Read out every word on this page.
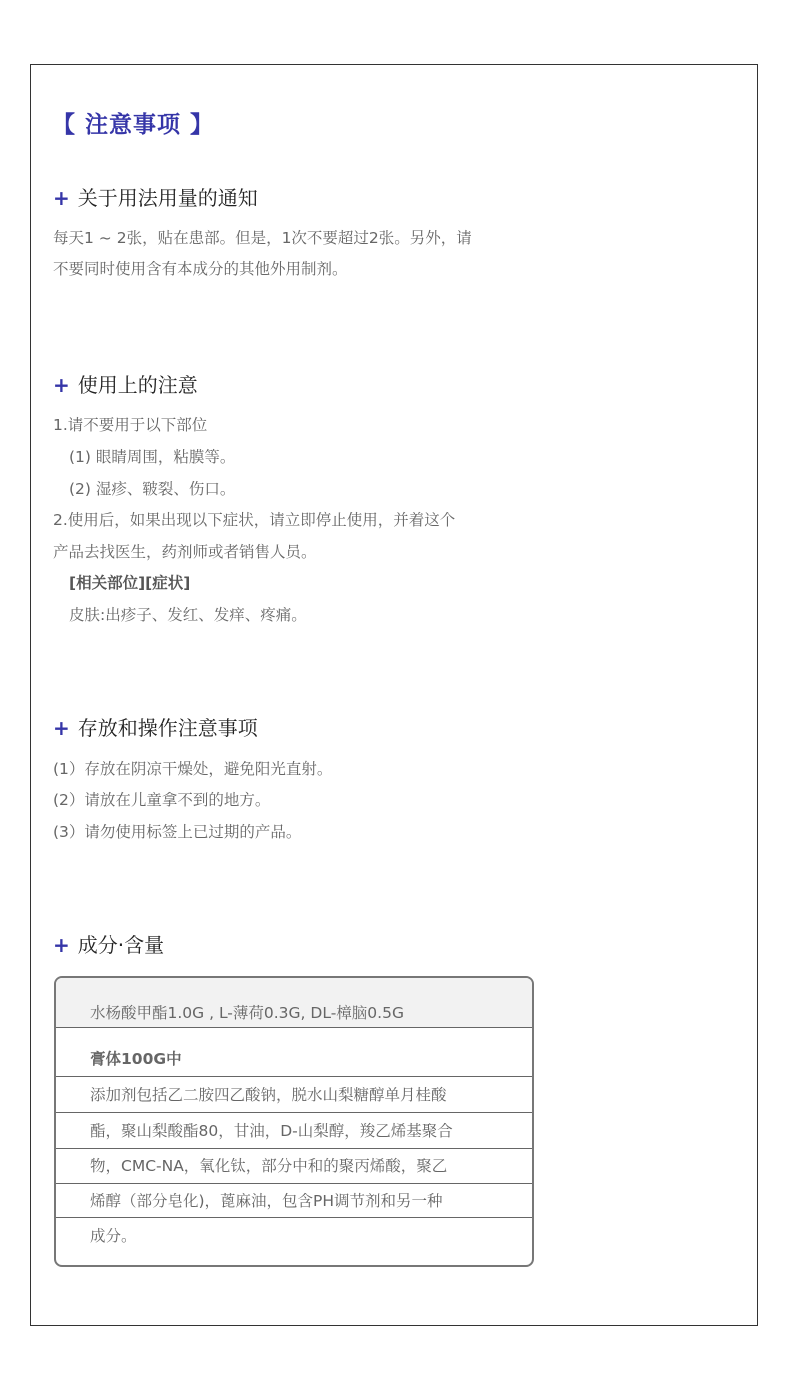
【 注意事项 】
+ 关于用法用量的通知
每天1 ~ 2张，贴在患部。但是，1次不要超过2张。另外，请
不要同时使用含有本成分的其他外用制剂。
+ 使用上的注意
1.请不要用于以下部位
(1) 眼睛周围，粘膜等。
(2) 湿疹、皲裂、伤口。
2.使用后，如果出现以下症状，请立即停止使用，并着这个
产品去找医生，药剂师或者销售人员。
[相关部位][症状]
皮肤:出疹子、发红、发痒、疼痛。
+ 存放和操作注意事项
(1）存放在阴凉干燥处，避免阳光直射。
(2）请放在儿童拿不到的地方。
(3）请勿使用标签上已过期的产品。
+ 成分·含量
水杨酸甲酯1.0G , L-薄荷0.3G, DL-樟脑0.5G
膏体100G中
添加剂包括乙二胺四乙酸钠，脱水山梨糖醇单月桂酸
酯，聚山梨酸酯80，甘油，D-山梨醇，羧乙烯基聚合
物，CMC-NA，氧化钛，部分中和的聚丙烯酸，聚乙
烯醇（部分皂化)，蓖麻油，包含PH调节剂和另一种
成分。
